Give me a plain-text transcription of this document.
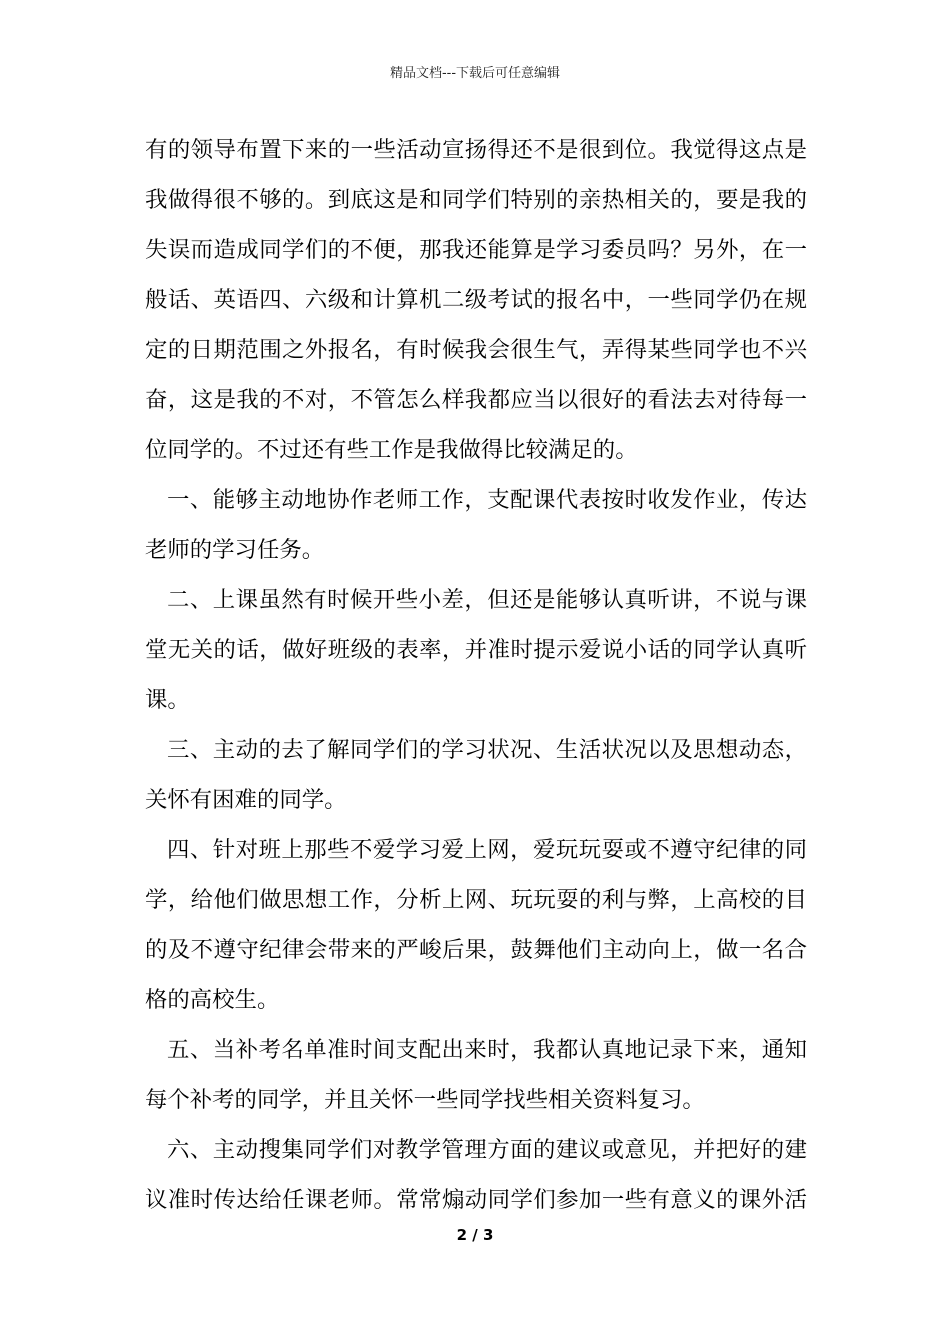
精品文档---下载后可任意编辑
有的领导布置下来的一些活动宣扬得还不是很到位。我觉得这点是
我做得很不够的。到底这是和同学们特别的亲热相关的，要是我的
失误而造成同学们的不便，那我还能算是学习委员吗？另外，在一
般话、英语四、六级和计算机二级考试的报名中，一些同学仍在规
定的日期范围之外报名，有时候我会很生气，弄得某些同学也不兴
奋，这是我的不对，不管怎么样我都应当以很好的看法去对待每一
位同学的。不过还有些工作是我做得比较满足的。
一、能够主动地协作老师工作，支配课代表按时收发作业，传达
老师的学习任务。
二、上课虽然有时候开些小差，但还是能够认真听讲，不说与课
堂无关的话，做好班级的表率，并准时提示爱说小话的同学认真听
课。
三、主动的去了解同学们的学习状况、生活状况以及思想动态，
关怀有困难的同学。
四、针对班上那些不爱学习爱上网，爱玩玩耍或不遵守纪律的同
学，给他们做思想工作，分析上网、玩玩耍的利与弊，上高校的目
的及不遵守纪律会带来的严峻后果，鼓舞他们主动向上，做一名合
格的高校生。
五、当补考名单准时间支配出来时，我都认真地记录下来，通知
每个补考的同学，并且关怀一些同学找些相关资料复习。
六、主动搜集同学们对教学管理方面的建议或意见，并把好的建
议准时传达给任课老师。常常煽动同学们参加一些有意义的课外活
2 / 3
